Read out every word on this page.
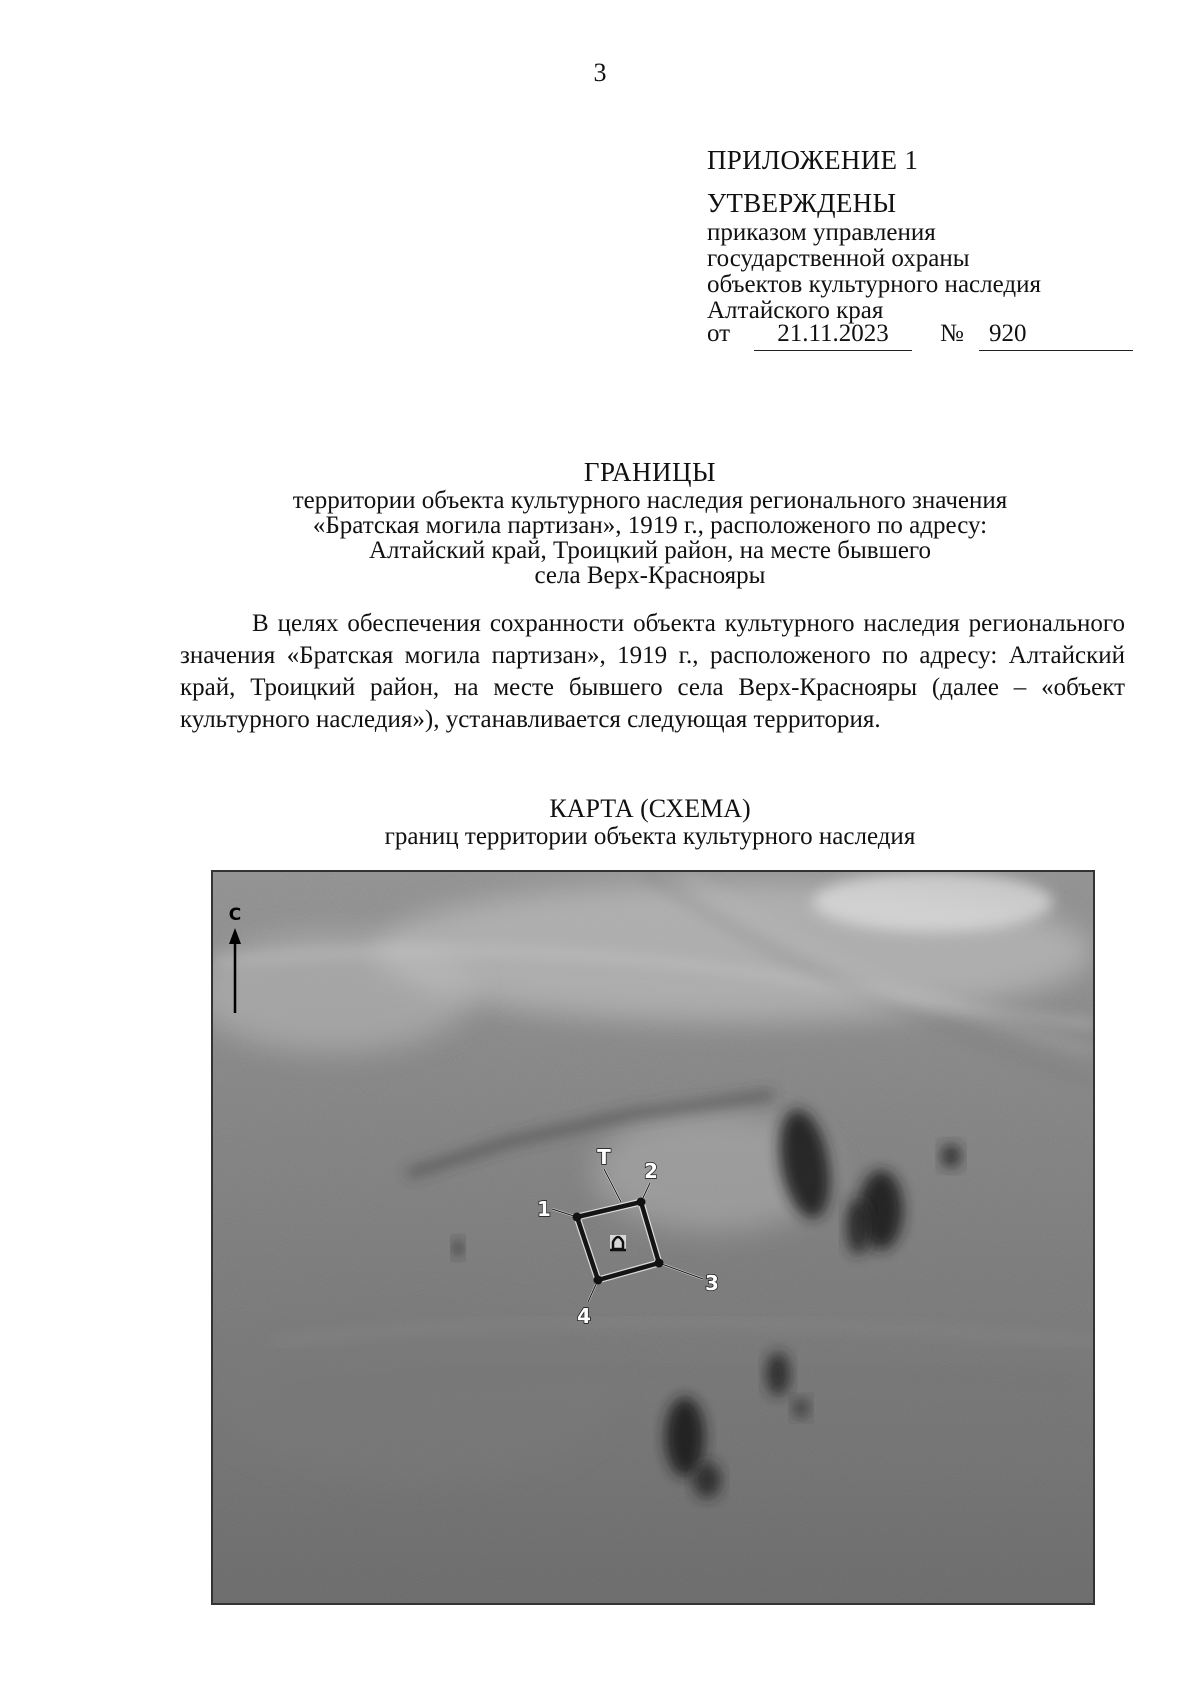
3
ПРИЛОЖЕНИЕ 1
УТВЕРЖДЕНЫ
приказом управления
государственной охраны
объектов культурного наследия
Алтайского края
от	21.11.2023	№	920
ГРАНИЦЫ
территории объекта культурного наследия регионального значения
«Братская могила партизан», 1919 г., расположеного по адресу:
Алтайский край, Троицкий район, на месте бывшего
села Верх-Краснояры
В целях обеспечения сохранности объекта культурного наследия регионального значения «Братская могила партизан», 1919 г., расположеного по адресу: Алтайский край, Троицкий район, на месте бывшего села Верх-Краснояры (далее – «объект культурного наследия»), устанавливается следующая территория.
КАРТА (СХЕМА)
границ территории объекта культурного наследия
С
Т
2
1
3
4
